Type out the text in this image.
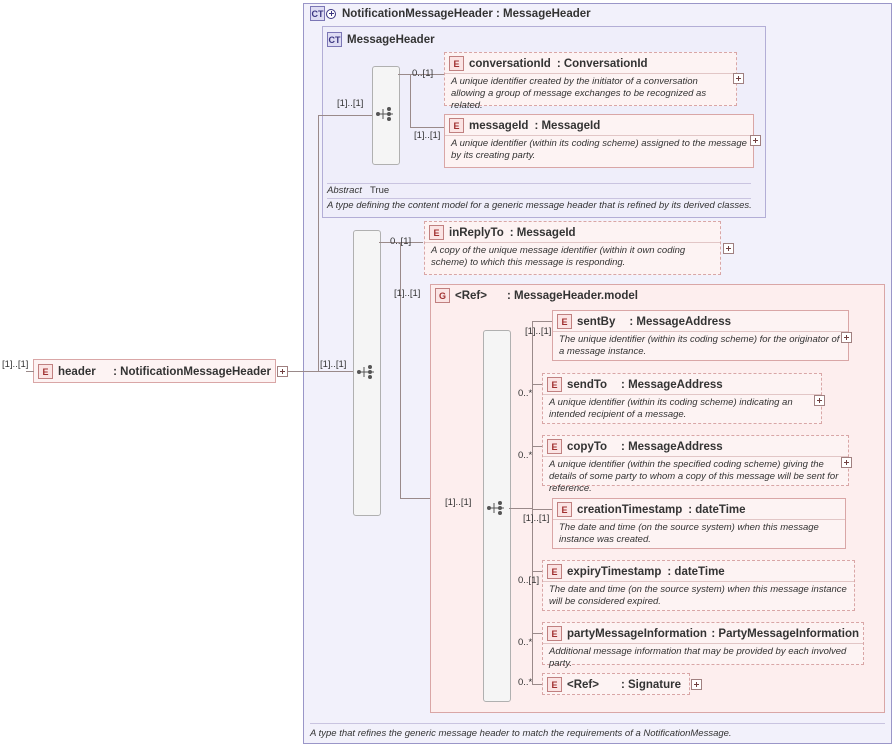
CT NotificationMessageHeader : MessageHeader
A type that refines the generic message header to match the requirements of a NotificationMessage.
CT MessageHeader
[1]..[1]
E conversationId : ConversationId
A unique identifier created by the initiator of a conversation allowing a group of message exchanges to be recognized as related.
0..[1]
E messageId : MessageId
A unique identifier (within its coding scheme) assigned to the message by its creating party.
[1]..[1]
Abstract True
A type defining the content model for a generic message header that is refined by its derived classes.
E header : NotificationMessageHeader
[1]..[1]	[1]..[1]
0..[1]
[1]..[1]
E inReplyTo : MessageId
A copy of the unique message identifier (within it own coding scheme) to which this message is responding.
G <Ref> : MessageHeader.model
[1]..[1]
E sentBy : MessageAddress
The unique identifier (within its coding scheme) for the originator of a message instance.
[1]..[1]
E sendTo : MessageAddress
A unique identifier (within its coding scheme) indicating an intended recipient of a message.
0..*
E copyTo : MessageAddress
A unique identifier (within the specified coding scheme) giving the details of some party to whom a copy of this message will be sent for reference.
0..*
E creationTimestamp : dateTime
The date and time (on the source system) when this message instance was created.
[1]..[1]
E expiryTimestamp : dateTime
The date and time (on the source system) when this message instance will be considered expired.
0..[1]
E partyMessageInformation : PartyMessageInformation
Additional message information that may be provided by each involved party.
0..*
E <Ref> : Signature
0..*
